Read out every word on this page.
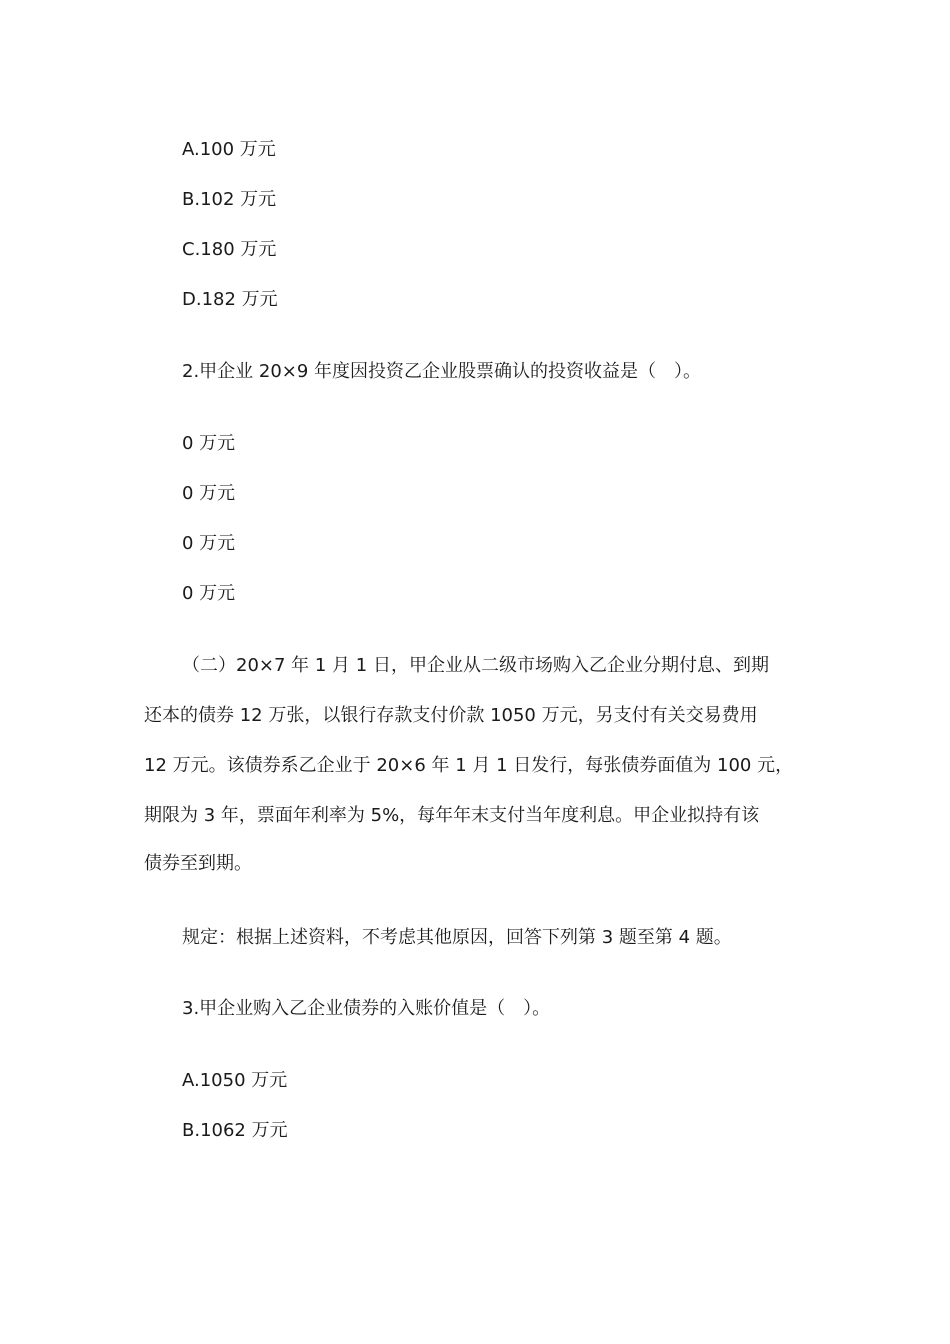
A.100 万元
B.102 万元
C.180 万元
D.182 万元
2.甲企业 20×9 年度因投资乙企业股票确认的投资收益是（　）。
0 万元
0 万元
0 万元
0 万元
（二）20×7 年 1 月 1 日，甲企业从二级市场购入乙企业分期付息、到期
还本的债券 12 万张，以银行存款支付价款 1050 万元，另支付有关交易费用
12 万元。该债券系乙企业于 20×6 年 1 月 1 日发行，每张债券面值为 100 元，
期限为 3 年，票面年利率为 5%，每年年末支付当年度利息。甲企业拟持有该
债券至到期。
规定：根据上述资料，不考虑其他原因，回答下列第 3 题至第 4 题。
3.甲企业购入乙企业债券的入账价值是（　）。
A.1050 万元
B.1062 万元
